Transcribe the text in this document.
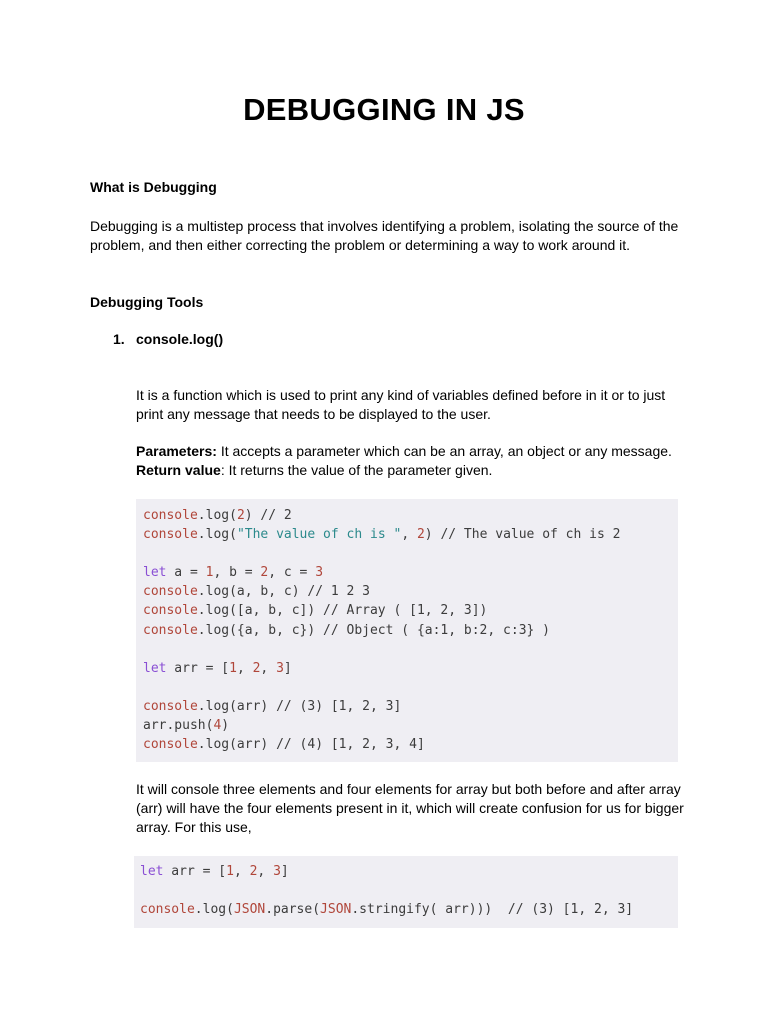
DEBUGGING IN JS
What is Debugging
Debugging is a multistep process that involves identifying a problem, isolating the source of the
problem, and then either correcting the problem or determining a way to work around it.
Debugging Tools
1. console.log()
It is a function which is used to print any kind of variables defined before in it or to just
print any message that needs to be displayed to the user.
Parameters: It accepts a parameter which can be an array, an object or any message.
Return value: It returns the value of the parameter given.
console.log(2) // 2
console.log("The value of ch is ", 2) // The value of ch is 2

let a = 1, b = 2, c = 3
console.log(a, b, c) // 1 2 3
console.log([a, b, c]) // Array ( [1, 2, 3])
console.log({a, b, c}) // Object ( {a:1, b:2, c:3} )

let arr = [1, 2, 3]

console.log(arr) // (3) [1, 2, 3]
arr.push(4)
console.log(arr) // (4) [1, 2, 3, 4]
It will console three elements and four elements for array but both before and after array
(arr) will have the four elements present in it, which will create confusion for us for bigger
array. For this use,
let arr = [1, 2, 3]

console.log(JSON.parse(JSON.stringify( arr)))  // (3) [1, 2, 3]
